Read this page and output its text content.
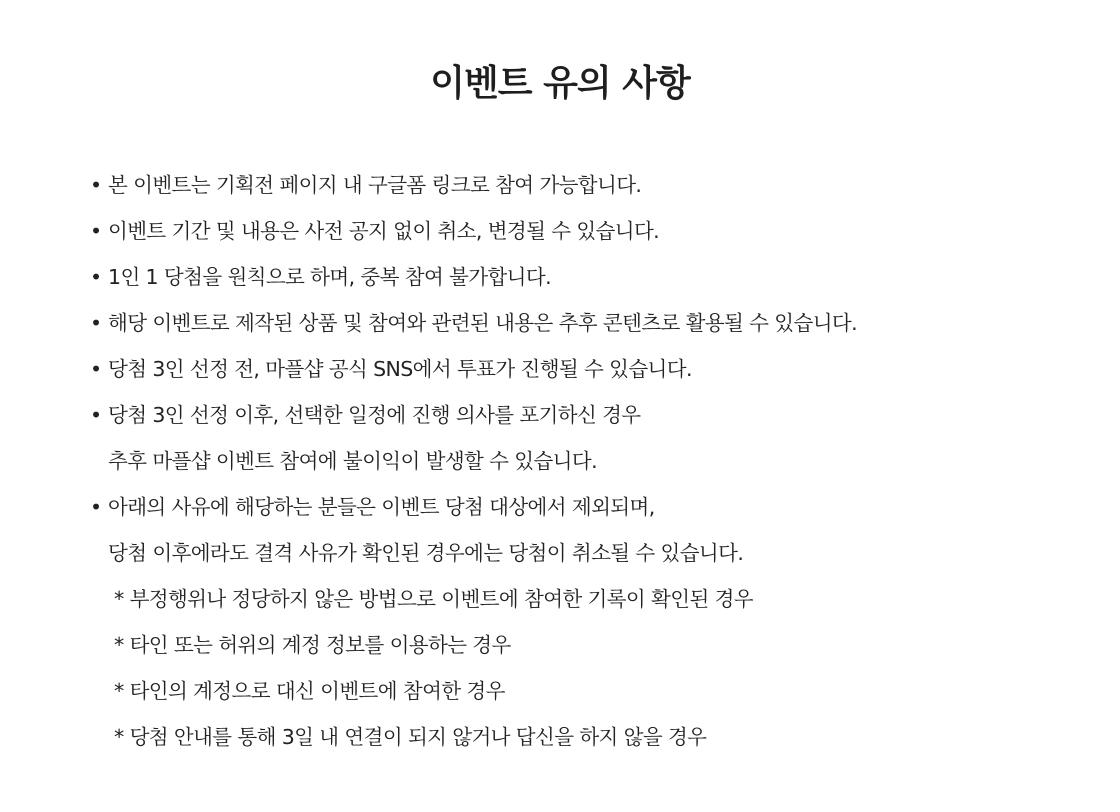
이벤트 유의 사항
• 본 이벤트는 기획전 페이지 내 구글폼 링크로 참여 가능합니다.
• 이벤트 기간 및 내용은 사전 공지 없이 취소, 변경될 수 있습니다.
• 1인 1 당첨을 원칙으로 하며, 중복 참여 불가합니다.
• 해당 이벤트로 제작된 상품 및 참여와 관련된 내용은 추후 콘텐츠로 활용될 수 있습니다.
• 당첨 3인 선정 전, 마플샵 공식 SNS에서 투표가 진행될 수 있습니다.
• 당첨 3인 선정 이후, 선택한 일정에 진행 의사를 포기하신 경우
추후 마플샵 이벤트 참여에 불이익이 발생할 수 있습니다.
• 아래의 사유에 해당하는 분들은 이벤트 당첨 대상에서 제외되며,
당첨 이후에라도 결격 사유가 확인된 경우에는 당첨이 취소될 수 있습니다.
* 부정행위나 정당하지 않은 방법으로 이벤트에 참여한 기록이 확인된 경우
* 타인 또는 허위의 계정 정보를 이용하는 경우
* 타인의 계정으로 대신 이벤트에 참여한 경우
* 당첨 안내를 통해 3일 내 연결이 되지 않거나 답신을 하지 않을 경우
